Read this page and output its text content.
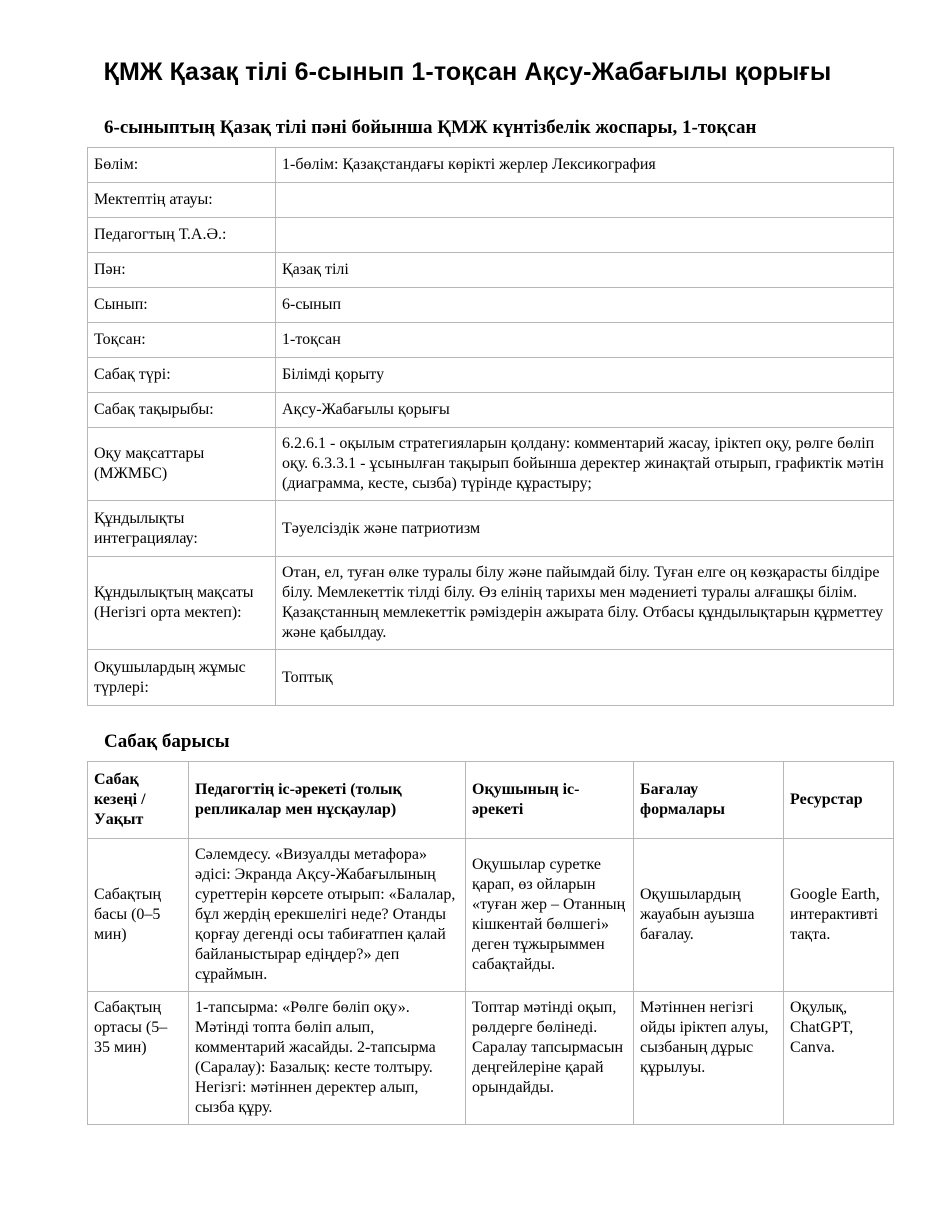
ҚМЖ Қазақ тілі 6-сынып 1-тоқсан Ақсу-Жабағылы қорығы
6-сыныптың Қазақ тілі пәні бойынша ҚМЖ күнтізбелік жоспары, 1-тоқсан
Бөлім:	1-бөлім: Қазақстандағы көрікті жерлер Лексикография
Мектептің атауы:	
Педагогтың Т.А.Ә.:	
Пән:	Қазақ тілі
Сынып:	6-сынып
Тоқсан:	1-тоқсан
Сабақ түрі:	Білімді қорыту
Сабақ тақырыбы:	Ақсу-Жабағылы қорығы
Оқу мақсаттары (МЖМБС)	6.2.6.1 - оқылым стратегияларын қолдану: комментарий жасау, іріктеп оқу, рөлге бөліп оқу. 6.3.3.1 - ұсынылған тақырып бойынша деректер жинақтай отырып, графиктік мәтін (диаграмма, кесте, сызба) түрінде құрастыру;
Құндылықты интеграциялау:	Тәуелсіздік және патриотизм
Құндылықтың мақсаты (Негізгі орта мектеп):	Отан, ел, туған өлке туралы білу және пайымдай білу. Туған елге оң көзқарасты білдіре білу. Мемлекеттік тілді білу. Өз елінің тарихы мен мәдениеті туралы алғашқы білім. Қазақстанның мемлекеттік рәміздерін ажырата білу. Отбасы құндылықтарын құрметтеу және қабылдау.
Оқушылардың жұмыс түрлері:	Топтық
Сабақ барысы
Сабақ кезеңі / Уақыт	Педагогтің іс-әрекеті (толық репликалар мен нұсқаулар)	Оқушының іс-әрекеті	Бағалау формалары	Ресурстар
Сабақтың басы (0–5 мин)	Сәлемдесу. «Визуалды метафора» әдісі: Экранда Ақсу-Жабағылының суреттерін көрсете отырып: «Балалар, бұл жердің ерекшелігі неде? Отанды қорғау дегенді осы табиғатпен қалай байланыстырар едіңдер?» деп сұраймын.	Оқушылар суретке қарап, өз ойларын «туған жер – Отанның кішкентай бөлшегі» деген тұжырыммен сабақтайды.	Оқушылардың жауабын ауызша бағалау.	Google Earth, интерактивті тақта.
Сабақтың ортасы (5–35 мин)	1-тапсырма: «Рөлге бөліп оқу». Мәтінді топта бөліп алып, комментарий жасайды. 2-тапсырма (Саралау): Базалық: кесте толтыру. Негізгі: мәтіннен деректер алып, сызба құру.	Топтар мәтінді оқып, рөлдерге бөлінеді. Саралау тапсырмасын деңгейлеріне қарай орындайды.	Мәтіннен негізгі ойды іріктеп алуы, сызбаның дұрыс құрылуы.	Оқулық, ChatGPT, Canva.
